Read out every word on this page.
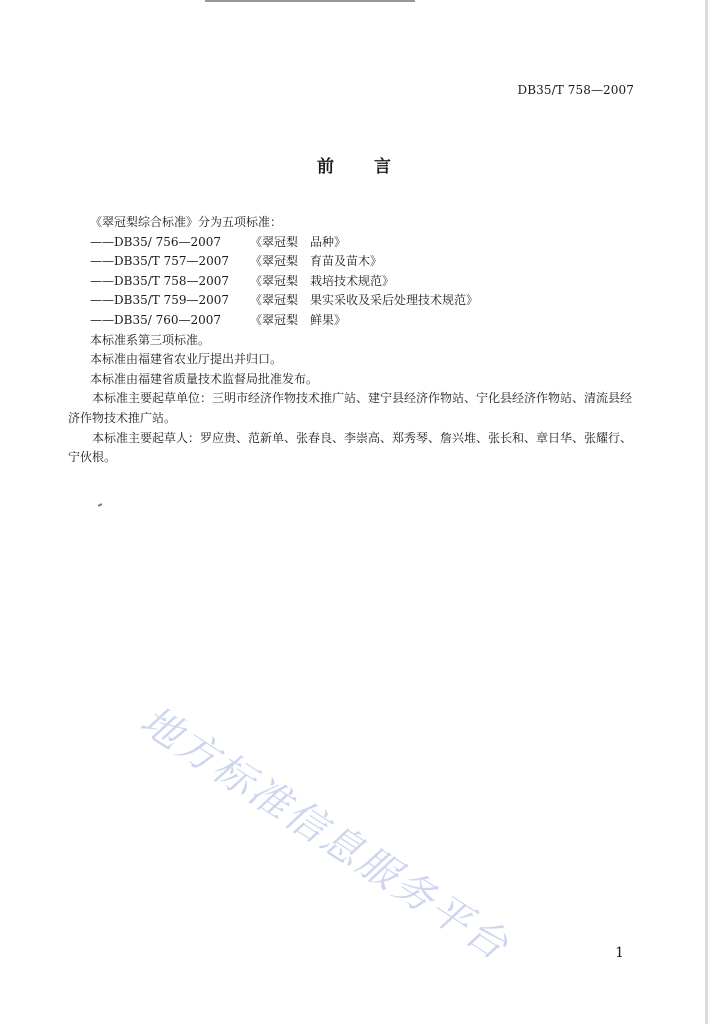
DB35/T 758—2007
前 言
《翠冠梨综合标准》分为五项标准：
——DB35/ 756—2007 《翠冠梨　品种》
——DB35/T 757—2007 《翠冠梨　育苗及苗木》
——DB35/T 758—2007 《翠冠梨　栽培技术规范》
——DB35/T 759—2007 《翠冠梨　果实采收及采后处理技术规范》
——DB35/ 760—2007 《翠冠梨　鲜果》
本标准系第三项标准。
本标准由福建省农业厅提出并归口。
本标准由福建省质量技术监督局批准发布。
本标准主要起草单位：三明市经济作物技术推广站、建宁县经济作物站、宁化县经济作物站、清流县经济作物技术推广站。
本标准主要起草人：罗应贵、范新单、张春良、李崇高、郑秀琴、詹兴堆、张长和、章日华、张耀行、宁伙根。
地方标准信息服务平台	1
